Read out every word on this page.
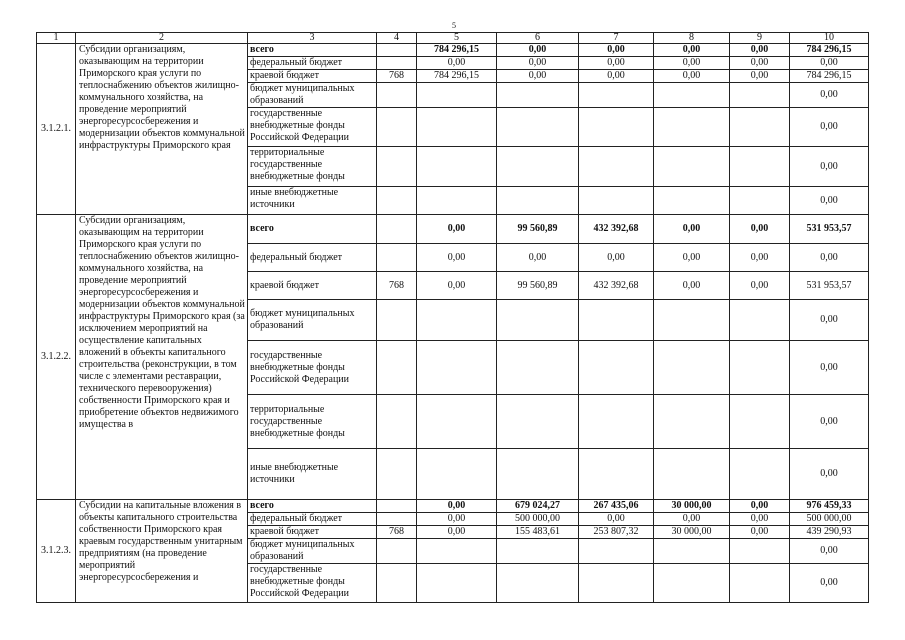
5
1	2	3	4	5	6	7	8	9	10
3.1.2.1.	Субсидии организациям, оказывающим на территории Приморского края услуги по теплоснабжению объектов жилищно-коммунального хозяйства, на проведение мероприятий энергоресурсосбережения и модернизации объектов коммунальной инфраструктуры Приморского края	всего		784 296,15	0,00	0,00	0,00	0,00	784 296,15
		федеральный бюджет		0,00	0,00	0,00	0,00	0,00	0,00
		краевой бюджет	768	784 296,15	0,00	0,00	0,00	0,00	784 296,15
		бюджет муниципальных образований							0,00
		государственные внебюджетные фонды Российской Федерации							0,00
		территориальные государственные внебюджетные фонды							0,00
		иные внебюджетные источники							0,00
3.1.2.2.	Субсидии организациям, оказывающим на территории Приморского края услуги по теплоснабжению объектов жилищно-коммунального хозяйства, на проведение мероприятий энергоресурсосбережения и модернизации объектов коммунальной инфраструктуры Приморского края (за исключением мероприятий на осуществление капитальных вложений в объекты капитального строительства (реконструкции, в том числе с элементами реставрации, технического перевооружения) собственности Приморского края и приобретение объектов недвижимого имущества в	всего		0,00	99 560,89	432 392,68	0,00	0,00	531 953,57
		федеральный бюджет		0,00	0,00	0,00	0,00	0,00	0,00
		краевой бюджет	768	0,00	99 560,89	432 392,68	0,00	0,00	531 953,57
		бюджет муниципальных образований							0,00
		государственные внебюджетные фонды Российской Федерации							0,00
		территориальные государственные внебюджетные фонды							0,00
		иные внебюджетные источники							0,00
3.1.2.3.	Субсидии на капитальные вложения в объекты капитального строительства собственности Приморского края краевым государственным унитарным предприятиям (на проведение мероприятий энергоресурсосбережения и	всего		0,00	679 024,27	267 435,06	30 000,00	0,00	976 459,33
		федеральный бюджет		0,00	500 000,00	0,00	0,00	0,00	500 000,00
		краевой бюджет	768	0,00	155 483,61	253 807,32	30 000,00	0,00	439 290,93
		бюджет муниципальных образований							0,00
		государственные внебюджетные фонды Российской Федерации							0,00
